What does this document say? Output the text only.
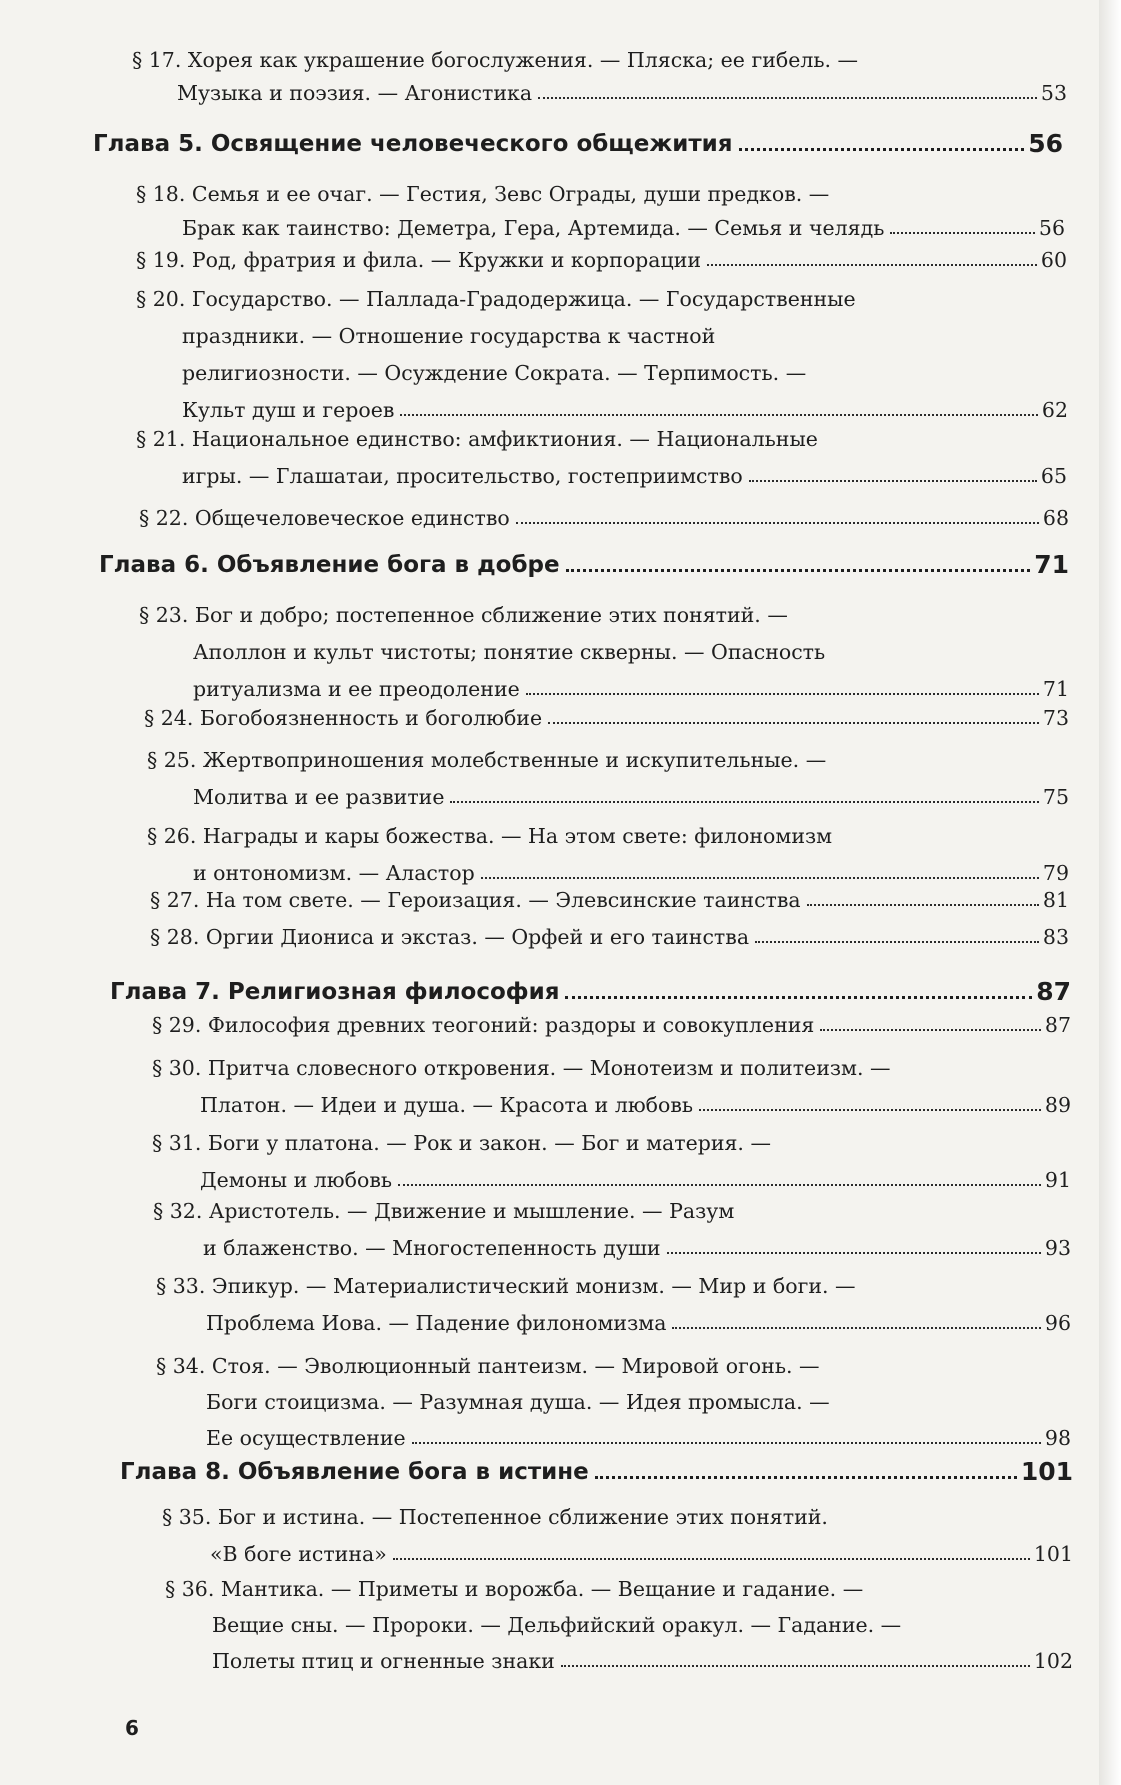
§ 17. Хорея как украшение богослужения. — Пляска; ее гибель. —
Музыка и поэзия. — Агонистика	53
Глава 5. Освящение человеческого общежития	56
§ 18. Семья и ее очаг. — Гестия, Зевс Ограды, души предков. —
Брак как таинство: Деметра, Гера, Артемида. — Семья и челядь	56
§ 19. Род, фратрия и фила. — Кружки и корпорации	60
§ 20. Государство. — Паллада-Градодержица. — Государственные
праздники. — Отношение государства к частной
религиозности. — Осуждение Сократа. — Терпимость. —
Культ душ и героев	62
§ 21. Национальное единство: амфиктиония. — Национальные
игры. — Глашатаи, просительство, гостеприимство	65
§ 22. Общечеловеческое единство	68
Глава 6. Объявление бога в добре	71
§ 23. Бог и добро; постепенное сближение этих понятий. —
Аполлон и культ чистоты; понятие скверны. — Опасность
ритуализма и ее преодоление	71
§ 24. Богобоязненность и боголюбие	73
§ 25. Жертвоприношения молебственные и искупительные. —
Молитва и ее развитие	75
§ 26. Награды и кары божества. — На этом свете: филономизм
и онтономизм. — Аластор	79
§ 27. На том свете. — Героизация. — Элевсинские таинства	81
§ 28. Оргии Диониса и экстаз. — Орфей и его таинства	83
Глава 7. Религиозная философия	87
§ 29. Философия древних теогоний: раздоры и совокупления	87
§ 30. Притча словесного откровения. — Монотеизм и политеизм. —
Платон. — Идеи и душа. — Красота и любовь	89
§ 31. Боги у платона. — Рок и закон. — Бог и материя. —
Демоны и любовь	91
§ 32. Аристотель. — Движение и мышление. — Разум
и блаженство. — Многостепенность души	93
§ 33. Эпикур. — Материалистический монизм. — Мир и боги. —
Проблема Иова. — Падение филономизма	96
§ 34. Стоя. — Эволюционный пантеизм. — Мировой огонь. —
Боги стоицизма. — Разумная душа. — Идея промысла. —
Ее осуществление	98
Глава 8. Объявление бога в истине	101
§ 35. Бог и истина. — Постепенное сближение этих понятий.
«В боге истина»	101
§ 36. Мантика. — Приметы и ворожба. — Вещание и гадание. —
Вещие сны. — Пророки. — Дельфийский оракул. — Гадание. —
Полеты птиц и огненные знаки	102
6
